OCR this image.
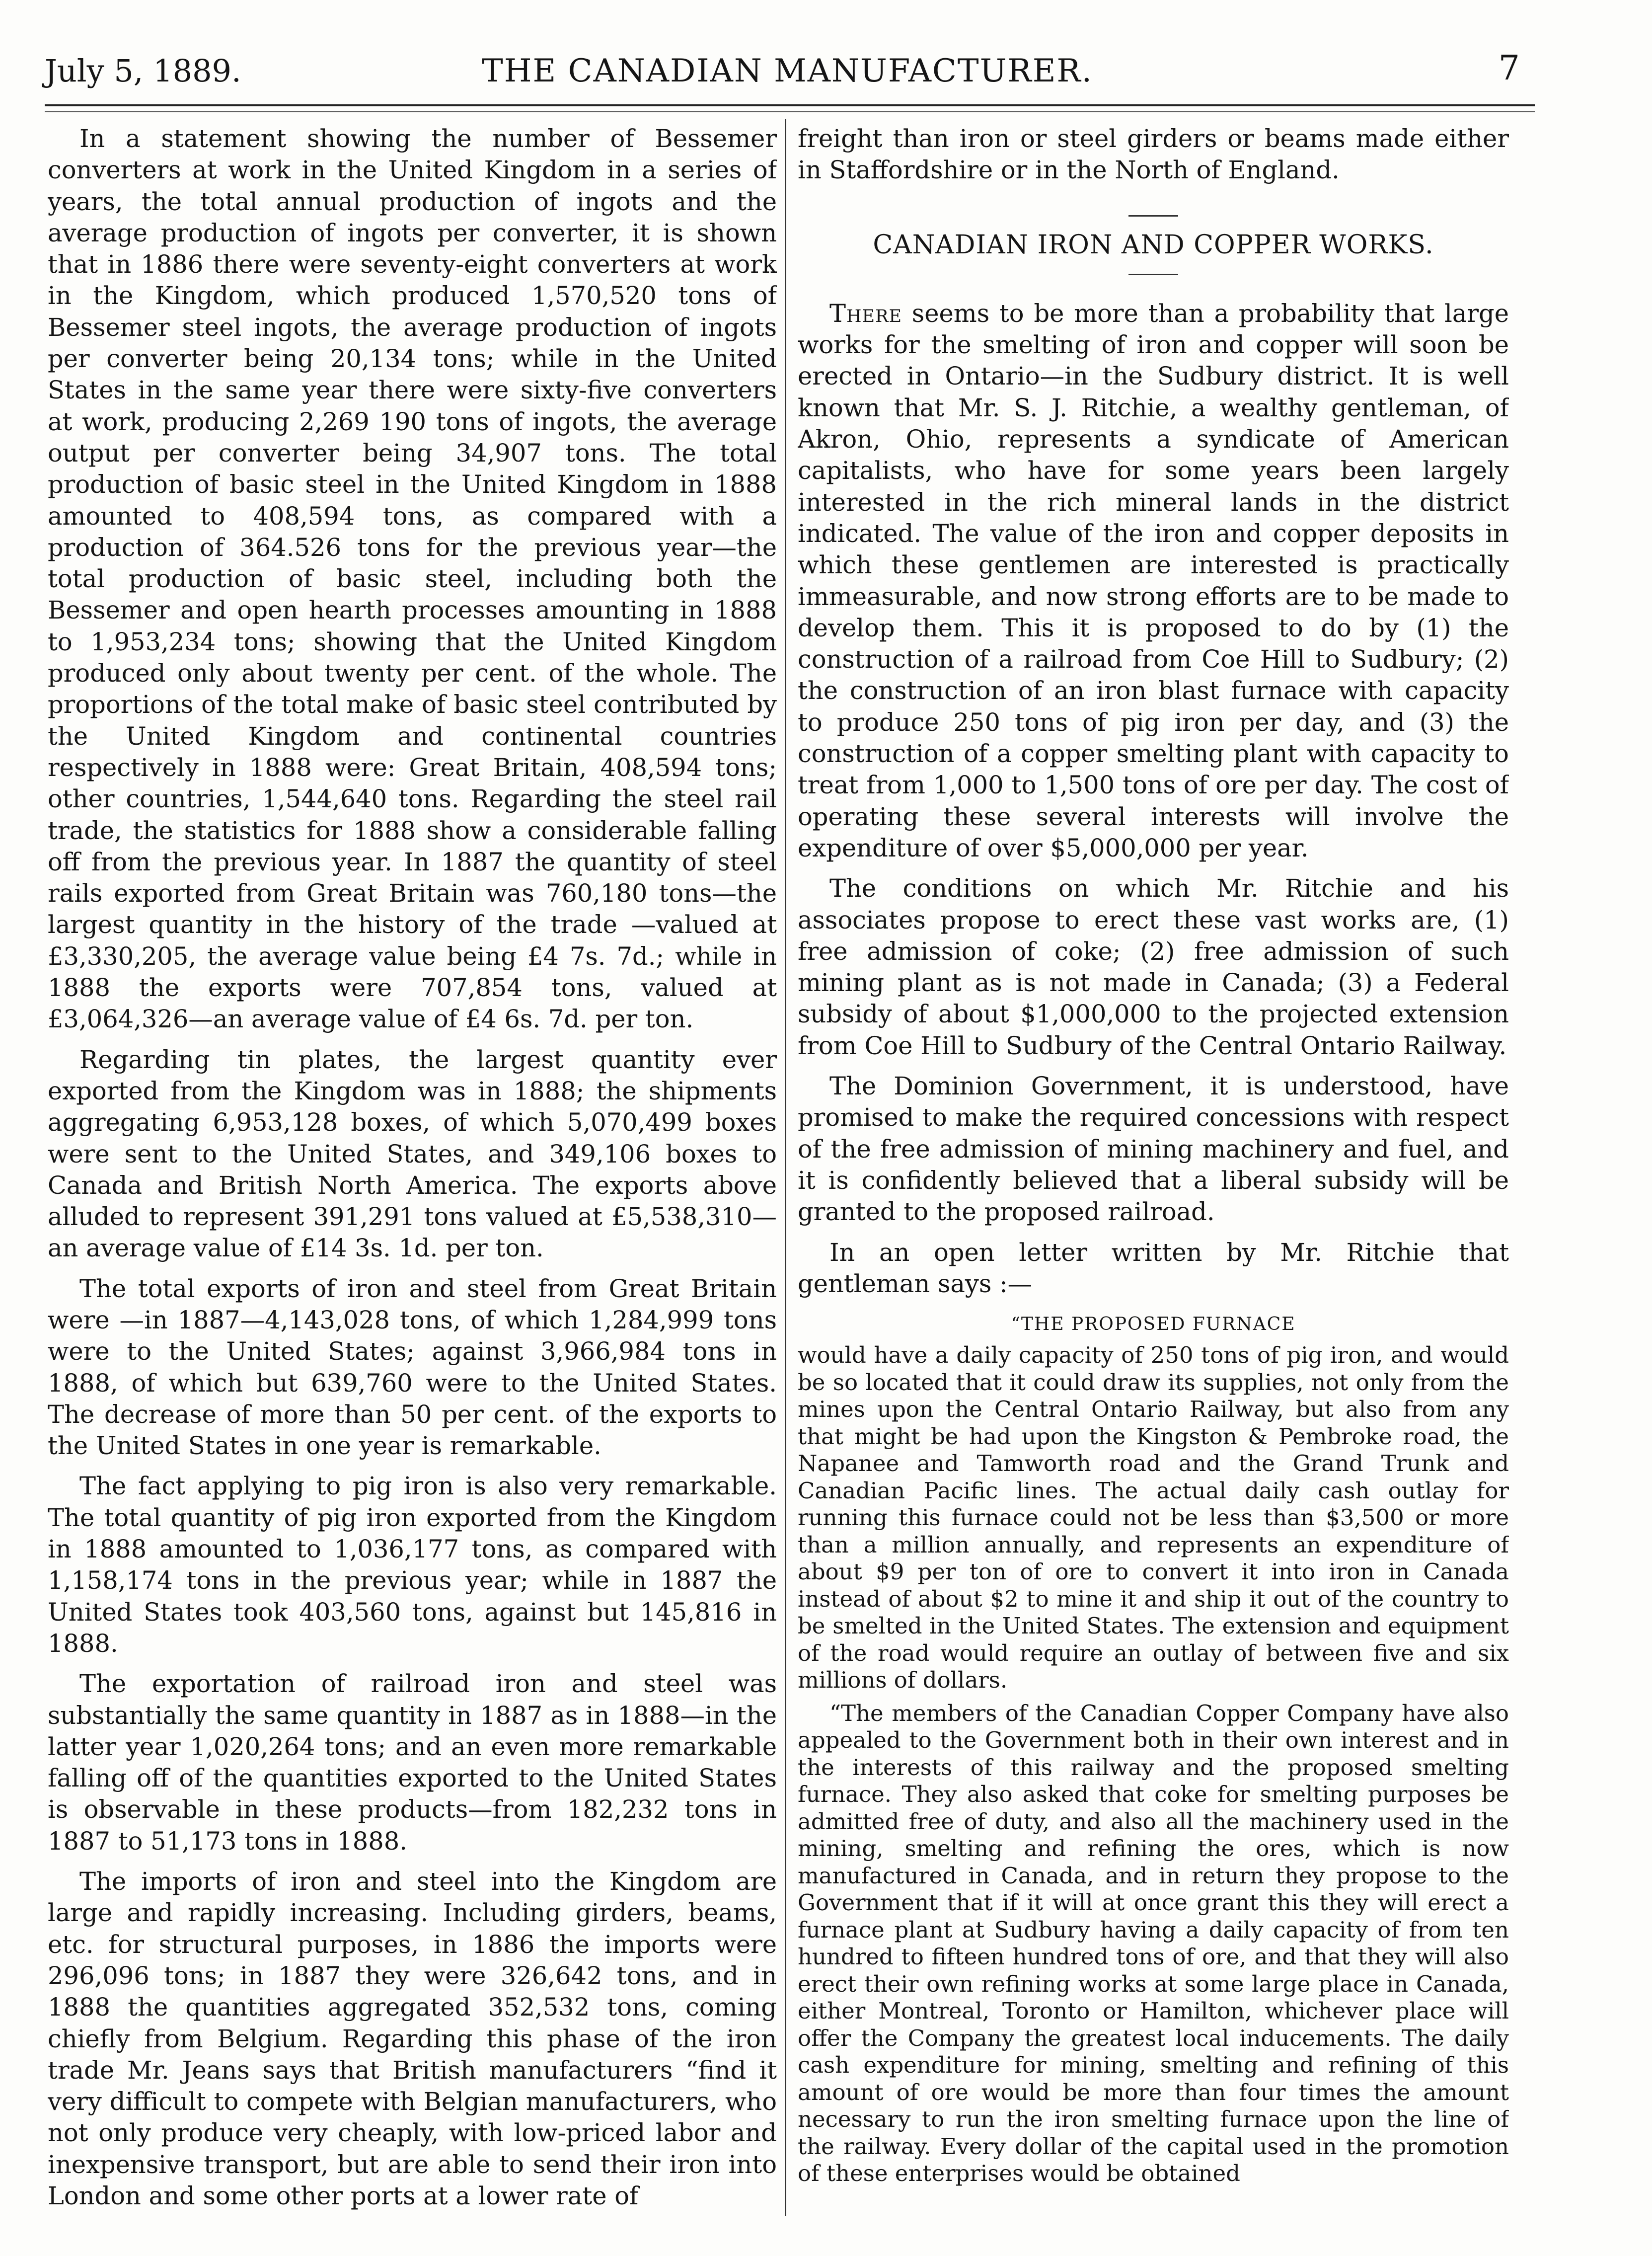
July 5, 1889.	THE CANADIAN MANUFACTURER.	7

In a statement showing the number of Bessemer converters at work in the United Kingdom in a series of years, the total annual production of ingots and the average production of ingots per converter, it is shown that in 1886 there were seventy-eight converters at work in the Kingdom, which produced 1,570,520 tons of Bessemer steel ingots, the average production of ingots per converter being 20,134 tons; while in the United States in the same year there were sixty-five converters at work, producing 2,269 190 tons of ingots, the average output per converter being 34,907 tons. The total production of basic steel in the United Kingdom in 1888 amounted to 408,594 tons, as compared with a production of 364.526 tons for the previous year—the total production of basic steel, including both the Bessemer and open hearth processes amounting in 1888 to 1,953,234 tons; showing that the United Kingdom produced only about twenty per cent. of the whole. The proportions of the total make of basic steel contributed by the United Kingdom and continental countries respectively in 1888 were: Great Britain, 408,594 tons; other countries, 1,544,640 tons. Regarding the steel rail trade, the statistics for 1888 show a considerable falling off from the previous year. In 1887 the quantity of steel rails exported from Great Britain was 760,180 tons—the largest quantity in the history of the trade —valued at £3,330,205, the average value being £4 7s. 7d.; while in 1888 the exports were 707,854 tons, valued at £3,064,326—an average value of £4 6s. 7d. per ton.

Regarding tin plates, the largest quantity ever exported from the Kingdom was in 1888; the shipments aggregating 6,953,128 boxes, of which 5,070,499 boxes were sent to the United States, and 349,106 boxes to Canada and British North America. The exports above alluded to represent 391,291 tons valued at £5,538,310—an average value of £14 3s. 1d. per ton.

The total exports of iron and steel from Great Britain were —in 1887—4,143,028 tons, of which 1,284,999 tons were to the United States; against 3,966,984 tons in 1888, of which but 639,760 were to the United States. The decrease of more than 50 per cent. of the exports to the United States in one year is remarkable.

The fact applying to pig iron is also very remarkable. The total quantity of pig iron exported from the Kingdom in 1888 amounted to 1,036,177 tons, as compared with 1,158,174 tons in the previous year; while in 1887 the United States took 403,560 tons, against but 145,816 in 1888.

The exportation of railroad iron and steel was substantially the same quantity in 1887 as in 1888—in the latter year 1,020,264 tons; and an even more remarkable falling off of the quantities exported to the United States is observable in these products—from 182,232 tons in 1887 to 51,173 tons in 1888.

The imports of iron and steel into the Kingdom are large and rapidly increasing. Including girders, beams, etc. for structural purposes, in 1886 the imports were 296,096 tons; in 1887 they were 326,642 tons, and in 1888 the quantities aggregated 352,532 tons, coming chiefly from Belgium. Regarding this phase of the iron trade Mr. Jeans says that British manufacturers “find it very difficult to compete with Belgian manufacturers, who not only produce very cheaply, with low-priced labor and inexpensive transport, but are able to send their iron into London and some other ports at a lower rate of

freight than iron or steel girders or beams made either in Staffordshire or in the North of England.

CANADIAN IRON AND COPPER WORKS.

There seems to be more than a probability that large works for the smelting of iron and copper will soon be erected in Ontario—in the Sudbury district. It is well known that Mr. S. J. Ritchie, a wealthy gentleman, of Akron, Ohio, represents a syndicate of American capitalists, who have for some years been largely interested in the rich mineral lands in the district indicated. The value of the iron and copper deposits in which these gentlemen are interested is practically immeasurable, and now strong efforts are to be made to develop them. This it is proposed to do by (1) the construction of a railroad from Coe Hill to Sudbury; (2) the construction of an iron blast furnace with capacity to produce 250 tons of pig iron per day, and (3) the construction of a copper smelting plant with capacity to treat from 1,000 to 1,500 tons of ore per day. The cost of operating these several interests will involve the expenditure of over $5,000,000 per year.

The conditions on which Mr. Ritchie and his associates propose to erect these vast works are, (1) free admission of coke; (2) free admission of such mining plant as is not made in Canada; (3) a Federal subsidy of about $1,000,000 to the projected extension from Coe Hill to Sudbury of the Central Ontario Railway.

The Dominion Government, it is understood, have promised to make the required concessions with respect of the free admission of mining machinery and fuel, and it is confidently believed that a liberal subsidy will be granted to the proposed railroad.

In an open letter written by Mr. Ritchie that gentleman says :—

“THE PROPOSED FURNACE

would have a daily capacity of 250 tons of pig iron, and would be so located that it could draw its supplies, not only from the mines upon the Central Ontario Railway, but also from any that might be had upon the Kingston & Pembroke road, the Napanee and Tamworth road and the Grand Trunk and Canadian Pacific lines. The actual daily cash outlay for running this furnace could not be less than $3,500 or more than a million annually, and represents an expenditure of about $9 per ton of ore to convert it into iron in Canada instead of about $2 to mine it and ship it out of the country to be smelted in the United States. The extension and equipment of the road would require an outlay of between five and six millions of dollars.

“The members of the Canadian Copper Company have also appealed to the Government both in their own interest and in the interests of this railway and the proposed smelting furnace. They also asked that coke for smelting purposes be admitted free of duty, and also all the machinery used in the mining, smelting and refining the ores, which is now manufactured in Canada, and in return they propose to the Government that if it will at once grant this they will erect a furnace plant at Sudbury having a daily capacity of from ten hundred to fifteen hundred tons of ore, and that they will also erect their own refining works at some large place in Canada, either Montreal, Toronto or Hamilton, whichever place will offer the Company the greatest local inducements. The daily cash expenditure for mining, smelting and refining of this amount of ore would be more than four times the amount necessary to run the iron smelting furnace upon the line of the railway. Every dollar of the capital used in the promotion of these enterprises would be obtained
